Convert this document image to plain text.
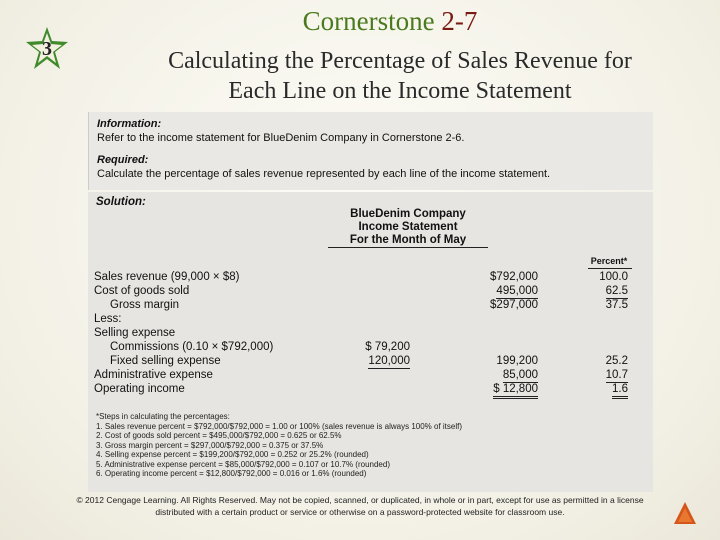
3
Cornerstone 2-7
Calculating the Percentage of Sales Revenue for
Each Line on the Income Statement
Information:
Refer to the income statement for BlueDenim Company in Cornerstone 2-6.
Required:
Calculate the percentage of sales revenue represented by each line of the income statement.
Solution:
BlueDenim Company
Income Statement
For the Month of May
Percent*
Sales revenue (99,000 × $8)	$792,000	100.0
Cost of goods sold	495,000	62.5
Gross margin	$297,000	37.5
Less:
Selling expense
Commissions (0.10 × $792,000)	$ 79,200
Fixed selling expense	120,000	199,200	25.2
Administrative expense	85,000	10.7
Operating income	$ 12,800	1.6
*Steps in calculating the percentages:
1. Sales revenue percent = $792,000/$792,000 = 1.00 or 100% (sales revenue is always 100% of itself)
2. Cost of goods sold percent = $495,000/$792,000 = 0.625 or 62.5%
3. Gross margin percent = $297,000/$792,000 = 0.375 or 37.5%
4. Selling expense percent = $199,200/$792,000 = 0.252 or 25.2% (rounded)
5. Administrative expense percent = $85,000/$792,000 = 0.107 or 10.7% (rounded)
6. Operating income percent = $12,800/$792,000 = 0.016 or 1.6% (rounded)
© 2012 Cengage Learning. All Rights Reserved. May not be copied, scanned, or duplicated, in whole or in part, except for use as permitted in a license
distributed with a certain product or service or otherwise on a password-protected website for classroom use.
